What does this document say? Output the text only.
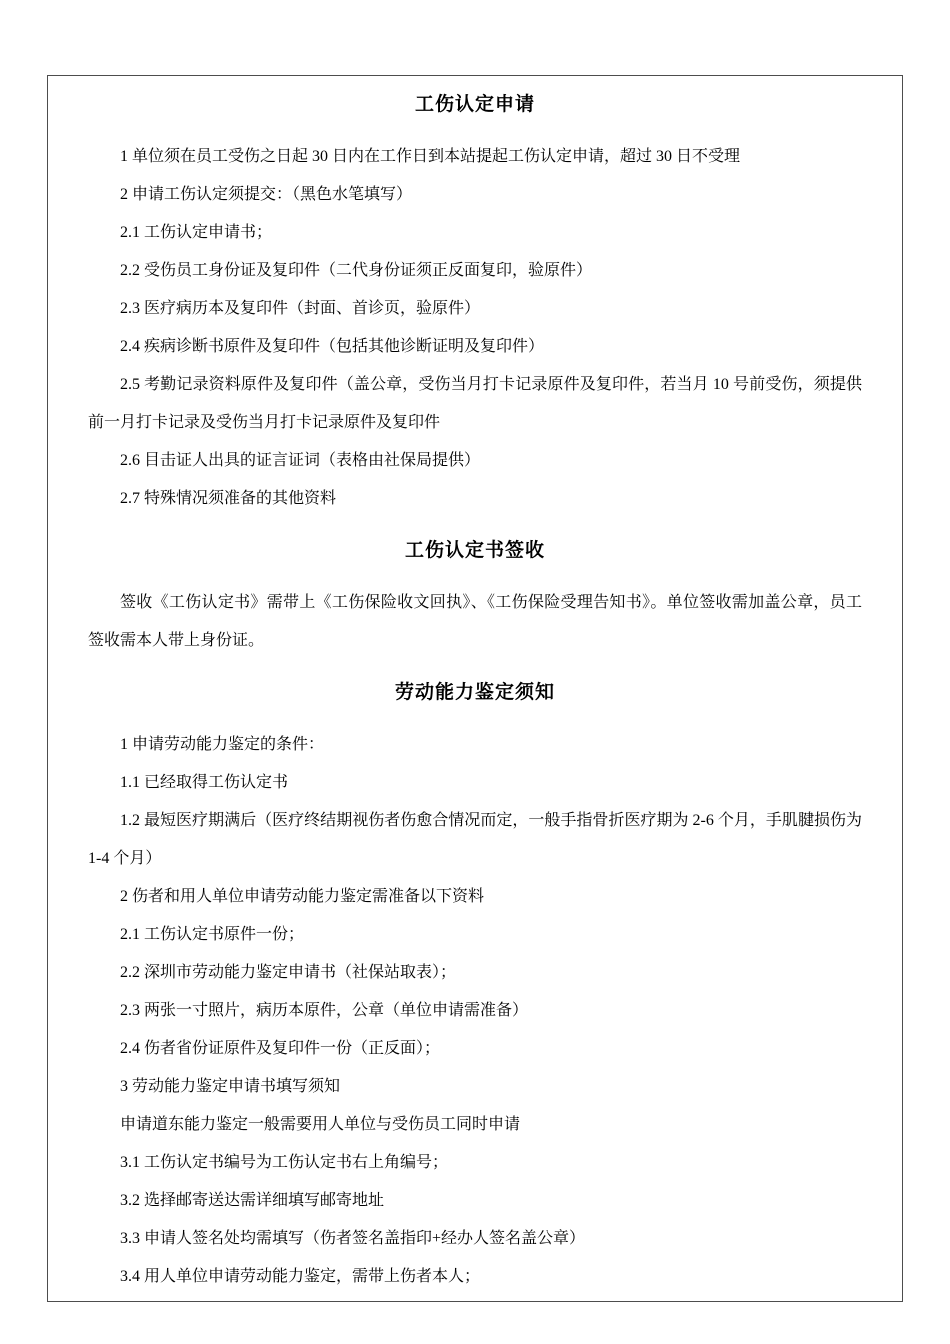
工伤认定申请

1 单位须在员工受伤之日起 30 日内在工作日到本站提起工伤认定申请，超过 30 日不受理

2 申请工伤认定须提交：（黑色水笔填写）

2.1 工伤认定申请书；

2.2 受伤员工身份证及复印件（二代身份证须正反面复印，验原件）

2.3 医疗病历本及复印件（封面、首诊页，验原件）

2.4 疾病诊断书原件及复印件（包括其他诊断证明及复印件）

2.5 考勤记录资料原件及复印件（盖公章，受伤当月打卡记录原件及复印件，若当月 10 号前受伤，须提供前一月打卡记录及受伤当月打卡记录原件及复印件

2.6 目击证人出具的证言证词（表格由社保局提供）

2.7 特殊情况须准备的其他资料

工伤认定书签收

签收《工伤认定书》需带上《工伤保险收文回执》、《工伤保险受理告知书》。单位签收需加盖公章，员工签收需本人带上身份证。

劳动能力鉴定须知

1 申请劳动能力鉴定的条件：

1.1 已经取得工伤认定书

1.2 最短医疗期满后（医疗终结期视伤者伤愈合情况而定，一般手指骨折医疗期为 2-6 个月，手肌腱损伤为 1-4 个月）

2 伤者和用人单位申请劳动能力鉴定需准备以下资料

2.1 工伤认定书原件一份；

2.2 深圳市劳动能力鉴定申请书（社保站取表）；

2.3 两张一寸照片，病历本原件，公章（单位申请需准备）

2.4 伤者省份证原件及复印件一份（正反面）；

3 劳动能力鉴定申请书填写须知

申请道东能力鉴定一般需要用人单位与受伤员工同时申请

3.1 工伤认定书编号为工伤认定书右上角编号；

3.2 选择邮寄送达需详细填写邮寄地址

3.3 申请人签名处均需填写（伤者签名盖指印+经办人签名盖公章）

3.4 用人单位申请劳动能力鉴定，需带上伤者本人；
